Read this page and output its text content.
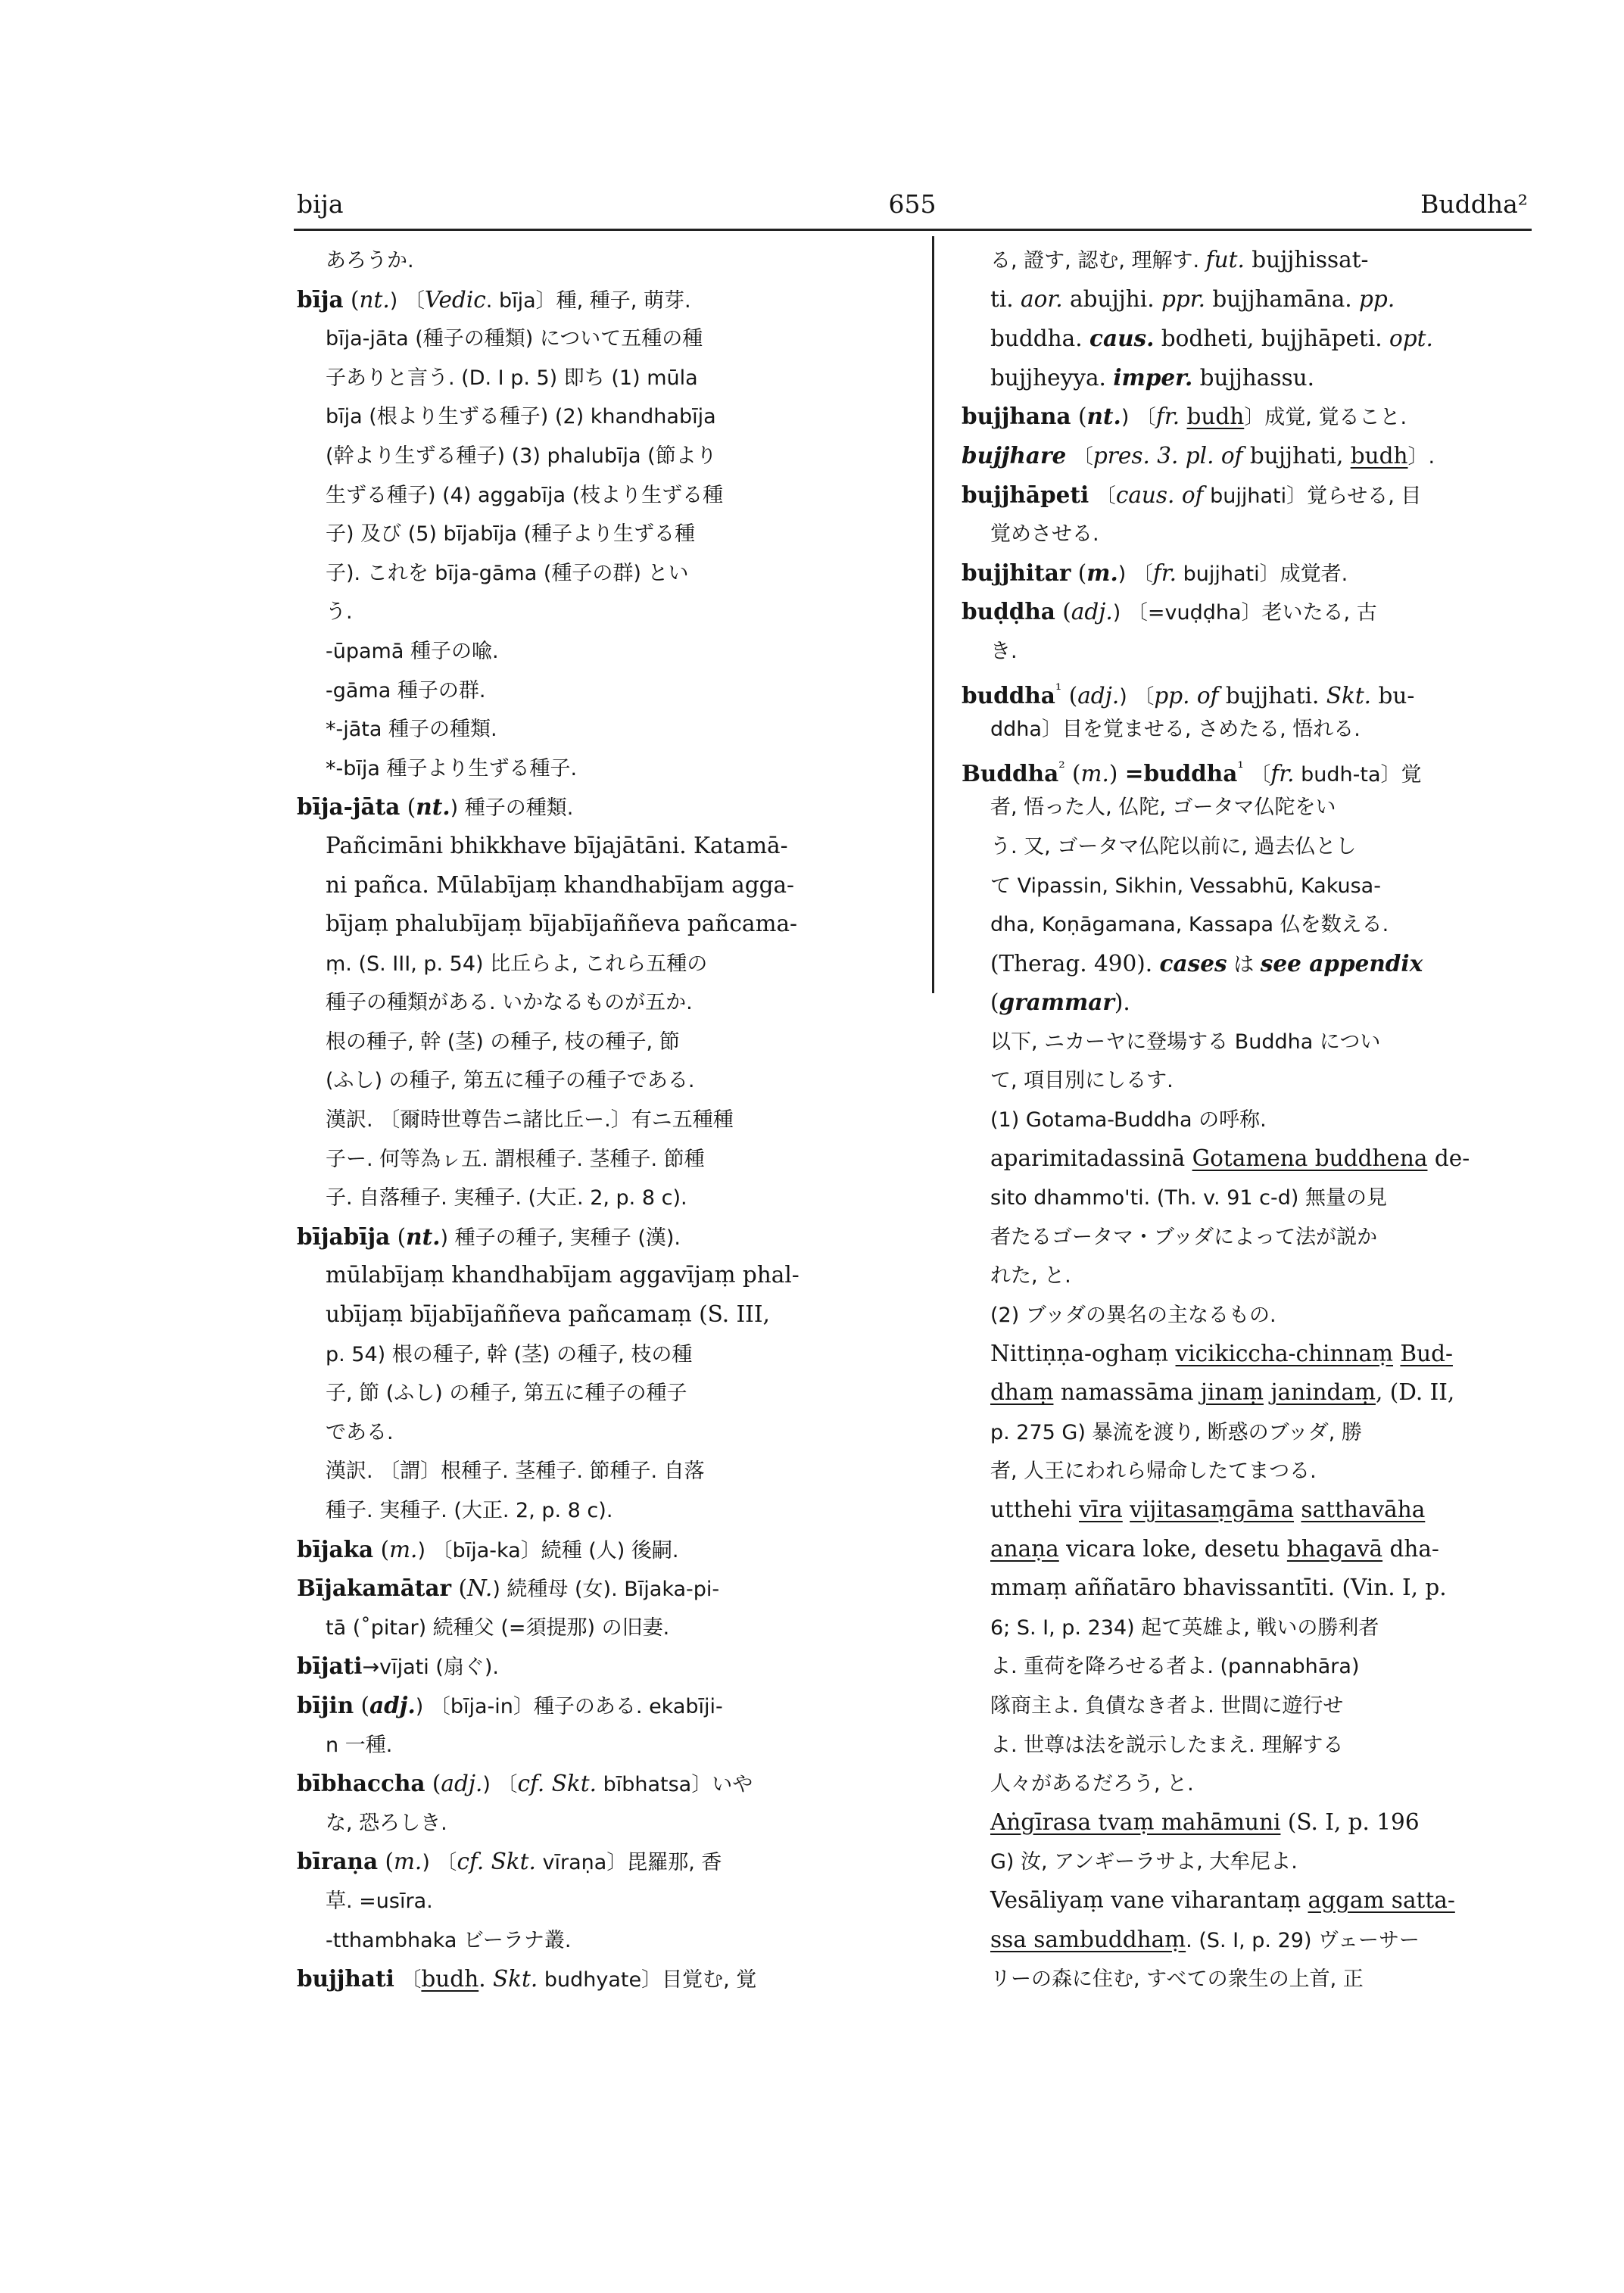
bija	655	Buddha²
あろうか.
bīja (nt.) 〔Vedic. bīja〕種, 種子, 萌芽.
bīja-jāta (種子の種類) について五種の種
子ありと言う. (D. I p. 5) 即ち (1) mūla
bīja (根より生ずる種子) (2) khandhabīja
(幹より生ずる種子) (3) phalubīja (節より
生ずる種子) (4) aggabīja (枝より生ずる種
子) 及び (5) bījabīja (種子より生ずる種
子). これを bīja-gāma (種子の群) とい
う.
-ūpamā 種子の喩.
-gāma 種子の群.
*-jāta 種子の種類.
*-bīja 種子より生ずる種子.
bīja-jāta (nt.) 種子の種類.
Pañcimāni bhikkhave bījajātāni. Katamā-
ni pañca. Mūlabījaṃ khandhabījam agga-
bījaṃ phalubījaṃ bījabījaññeva pañcama-
ṃ. (S. III, p. 54) 比丘らよ, これら五種の
種子の種類がある. いかなるものが五か.
根の種子, 幹 (茎) の種子, 枝の種子, 節
(ふし) の種子, 第五に種子の種子である.
漢訳. 〔爾時世尊告ニ諸比丘ー.〕有ニ五種種
子ー. 何等為ㇾ五. 謂根種子. 茎種子. 節種
子. 自落種子. 実種子. (大正. 2, p. 8 c).
bījabīja (nt.) 種子の種子, 実種子 (漢).
mūlabījaṃ khandhabījam aggavījaṃ phal-
ubījaṃ bījabījaññeva pañcamaṃ (S. III,
p. 54) 根の種子, 幹 (茎) の種子, 枝の種
子, 節 (ふし) の種子, 第五に種子の種子
である.
漢訳. 〔謂〕根種子. 茎種子. 節種子. 自落
種子. 実種子. (大正. 2, p. 8 c).
bījaka (m.) 〔bīja-ka〕続種 (人) 後嗣.
Bījakamātar (N.) 続種母 (女). Bījaka-pi-
tā (˚pitar) 続種父 (=須提那) の旧妻.
bījati→vījati (扇ぐ).
bījin (adj.) 〔bīja-in〕種子のある. ekabīji-
n 一種.
bībhaccha (adj.) 〔cf. Skt. bībhatsa〕いや
な, 恐ろしき.
bīraṇa (m.) 〔cf. Skt. vīraṇa〕毘羅那, 香
草. =usīra.
-tthambhaka ビーラナ叢.
bujjhati 〔budh. Skt. budhyate〕目覚む, 覚
る, 證す, 認む, 理解す. fut. bujjhissat-
ti. aor. abujjhi. ppr. bujjhamāna. pp.
buddha. caus. bodheti, bujjhāpeti. opt.
bujjheyya. imper. bujjhassu.
bujjhana (nt.) 〔fr. budh〕成覚, 覚ること.
bujjhare 〔pres. 3. pl. of bujjhati, budh〕.
bujjhāpeti 〔caus. of bujjhati〕覚らせる, 目
覚めさせる.
bujjhitar (m.) 〔fr. bujjhati〕成覚者.
buḍḍha (adj.) 〔=vuḍḍha〕老いたる, 古
き.
buddha$^{^1}$ (adj.) 〔pp. of bujjhati. Skt. bu-
ddha〕目を覚ませる, さめたる, 悟れる.
Buddha$^{^2}$ (m.) =buddha$^{^1}$ 〔fr. budh-ta〕覚
者, 悟った人, 仏陀, ゴータマ仏陀をい
う. 又, ゴータマ仏陀以前に, 過去仏とし
て Vipassin, Sikhin, Vessabhū, Kakusa-
dha, Koṇāgamana, Kassapa 仏を数える.
(Therag. 490). cases は see appendix
(grammar).
以下, ニカーヤに登場する Buddha につい
て, 項目別にしるす.
(1) Gotama-Buddha の呼称.
aparimitadassinā Gotamena buddhena de-
sito dhammo'ti. (Th. v. 91 c-d) 無量の見
者たるゴータマ・ブッダによって法が説か
れた, と.
(2) ブッダの異名の主なるもの.
Nittiṇṇa-oghaṃ vicikiccha-chinnaṃ Bud-
dhaṃ namassāma jinaṃ janindaṃ, (D. II,
p. 275 G) 暴流を渡り, 断惑のブッダ, 勝
者, 人王にわれら帰命したてまつる.
utthehi vīra vijitasaṃgāma satthavāha
anaṇa vicara loke, desetu bhagavā dha-
mmaṃ aññatāro bhavissantīti. (Vin. I, p.
6; S. I, p. 234) 起て英雄よ, 戦いの勝利者
よ. 重荷を降ろせる者よ. (pannabhāra)
隊商主よ. 負債なき者よ. 世間に遊行せ
よ. 世尊は法を説示したまえ. 理解する
人々があるだろう, と.
Aṅgīrasa tvaṃ mahāmuni (S. I, p. 196
G) 汝, アンギーラサよ, 大牟尼よ.
Vesāliyaṃ vane viharantaṃ aggam satta-
ssa sambuddhaṃ. (S. I, p. 29) ヴェーサー
リーの森に住む, すべての衆生の上首, 正
